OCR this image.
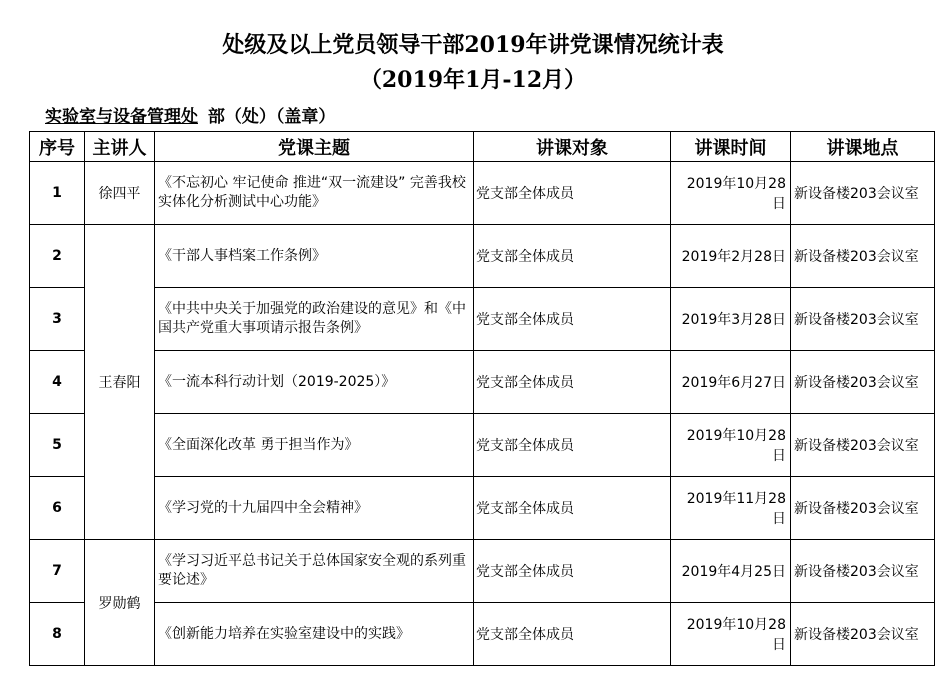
处级及以上党员领导干部2019年讲党课情况统计表
（2019年1月-12月）
实验室与设备管理处 部（处）（盖章）
序号	主讲人	党课主题	讲课对象	讲课时间	讲课地点
1	徐四平	《不忘初心 牢记使命 推进“双一流建设” 完善我校实体化分析测试中心功能》	党支部全体成员	2019年10月28日	新设备楼203会议室
2	王春阳	《干部人事档案工作条例》	党支部全体成员	2019年2月28日	新设备楼203会议室
3		《中共中央关于加强党的政治建设的意见》和《中国共产党重大事项请示报告条例》	党支部全体成员	2019年3月28日	新设备楼203会议室
4		《一流本科行动计划（2019-2025）》	党支部全体成员	2019年6月27日	新设备楼203会议室
5		《全面深化改革 勇于担当作为》	党支部全体成员	2019年10月28日	新设备楼203会议室
6		《学习党的十九届四中全会精神》	党支部全体成员	2019年11月28日	新设备楼203会议室
7	罗勋鹤	《学习习近平总书记关于总体国家安全观的系列重要论述》	党支部全体成员	2019年4月25日	新设备楼203会议室
8		《创新能力培养在实验室建设中的实践》	党支部全体成员	2019年10月28日	新设备楼203会议室
